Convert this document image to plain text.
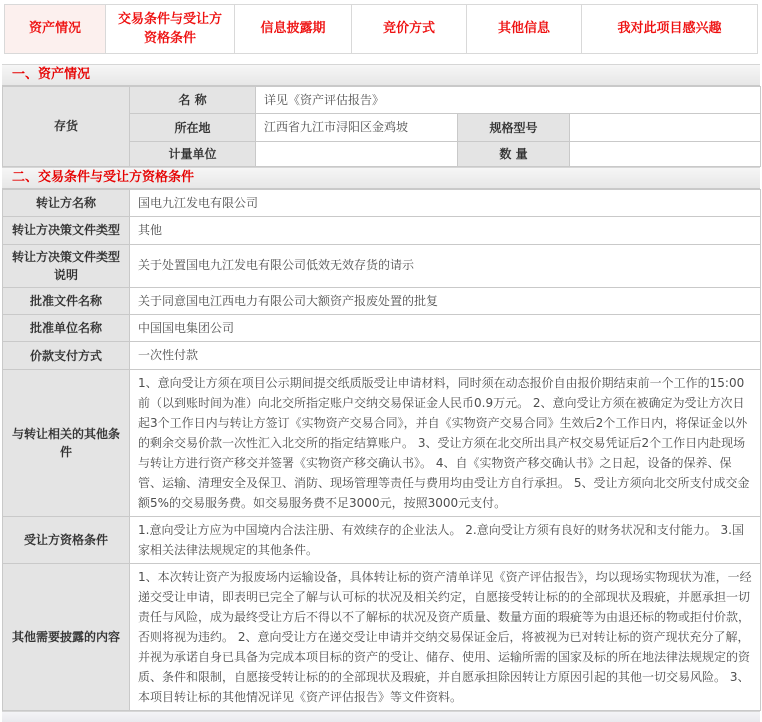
资产情况
交易条件与受让方资格条件
信息披露期	竞价方式	其他信息	我对此项目感兴趣
一、资产情况
存货	名 称	详见《资产评估报告》		
	所在地	江西省九江市浔阳区金鸡坡	规格型号	
	计量单位		数 量	
二、交易条件与受让方资格条件
转让方名称	国电九江发电有限公司
转让方决策文件类型	其他
转让方决策文件类型说明	关于处置国电九江发电有限公司低效无效存货的请示
批准文件名称	关于同意国电江西电力有限公司大额资产报废处置的批复
批准单位名称	中国国电集团公司
价款支付方式	一次性付款
与转让相关的其他条件	1、意向受让方须在项目公示期间提交纸质版受让申请材料，同时须在动态报价自由报价期结束前一个工作的15:00前（以到账时间为准）向北交所指定账户交纳交易保证金人民币0.9万元。 2、意向受让方须在被确定为受让方次日起3个工作日内与转让方签订《实物资产交易合同》，并自《实物资产交易合同》生效后2个工作日内，将保证金以外的剩余交易价款一次性汇入北交所的指定结算账户。 3、受让方须在北交所出具产权交易凭证后2个工作日内赴现场与转让方进行资产移交并签署《实物资产移交确认书》。 4、自《实物资产移交确认书》之日起，设备的保养、保管、运输、清理安全及保卫、消防、现场管理等责任与费用均由受让方自行承担。 5、受让方须向北交所支付成交金额5%的交易服务费。如交易服务费不足3000元，按照3000元支付。
受让方资格条件	1.意向受让方应为中国境内合法注册、有效续存的企业法人。 2.意向受让方须有良好的财务状况和支付能力。 3.国家相关法律法规规定的其他条件。
其他需要披露的内容	1、本次转让资产为报废场内运输设备，具体转让标的资产清单详见《资产评估报告》，均以现场实物现状为准，一经递交受让申请，即表明已完全了解与认可标的状况及相关约定，自愿接受转让标的的全部现状及瑕疵，并愿承担一切责任与风险，成为最终受让方后不得以不了解标的状况及资产质量、数量方面的瑕疵等为由退还标的物或拒付价款，否则将视为违约。 2、意向受让方在递交受让申请并交纳交易保证金后，将被视为已对转让标的资产现状充分了解，并视为承诺自身已具备为完成本项目标的资产的受让、储存、使用、运输所需的国家及标的所在地法律法规规定的资质、条件和限制，自愿接受转让标的的全部现状及瑕疵，并自愿承担除因转让方原因引起的其他一切交易风险。 3、本项目转让标的其他情况详见《资产评估报告》等文件资料。
